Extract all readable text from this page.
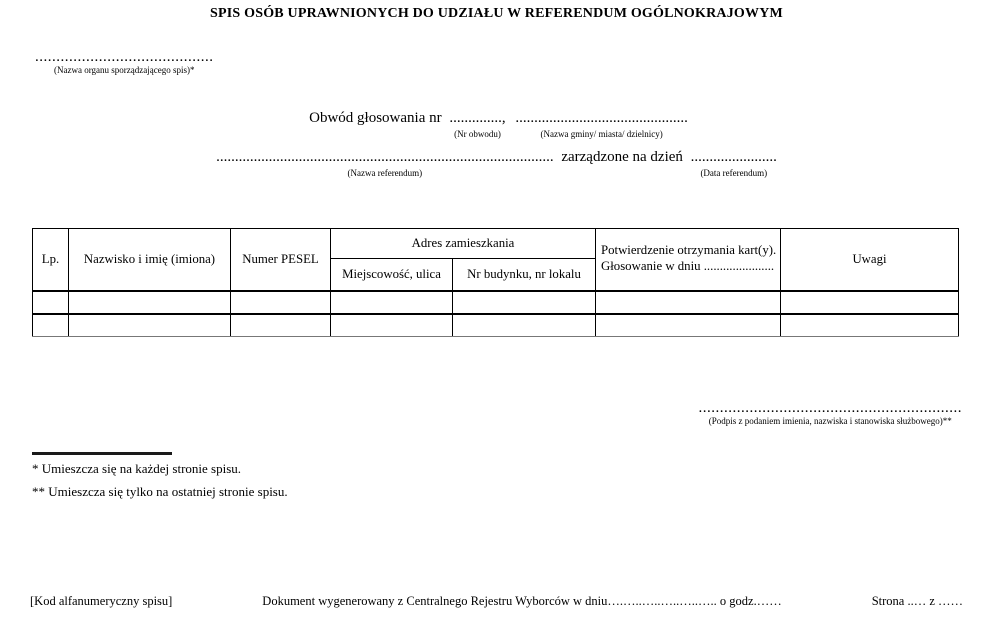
SPIS OSÓB UPRAWNIONYCH DO UDZIAŁU W REFERENDUM OGÓLNOKRAJOWYM
..........................................
(Nazwa organu sporządzającego spis)*
Obwód głosowania nr ..............,
(Nr obwodu)
..............................................
(Nazwa gminy/ miasta/ dzielnicy)
..........................................................................................
(Nazwa referendum)
zarządzone na dzień .......................
(Data referendum)
Lp.	Nazwisko i imię (imiona)	Numer PESEL	Adres zamieszkania		Potwierdzenie otrzymania kart(y).
Głosowanie w dniu ......................	Uwagi
			Miejscowość, ulica	Nr budynku, nr lokalu		

..............................................................
(Podpis z podaniem imienia, nazwiska i stanowiska służbowego)**
* Umieszcza się na każdej stronie spisu.
** Umieszcza się tylko na ostatniej stronie spisu.
[Kod alfanumeryczny spisu]	Dokument wygenerowany z Centralnego Rejestru Wyborców w dniu….…..…..…..…..….. o godz.……	Strona ..… z ……
